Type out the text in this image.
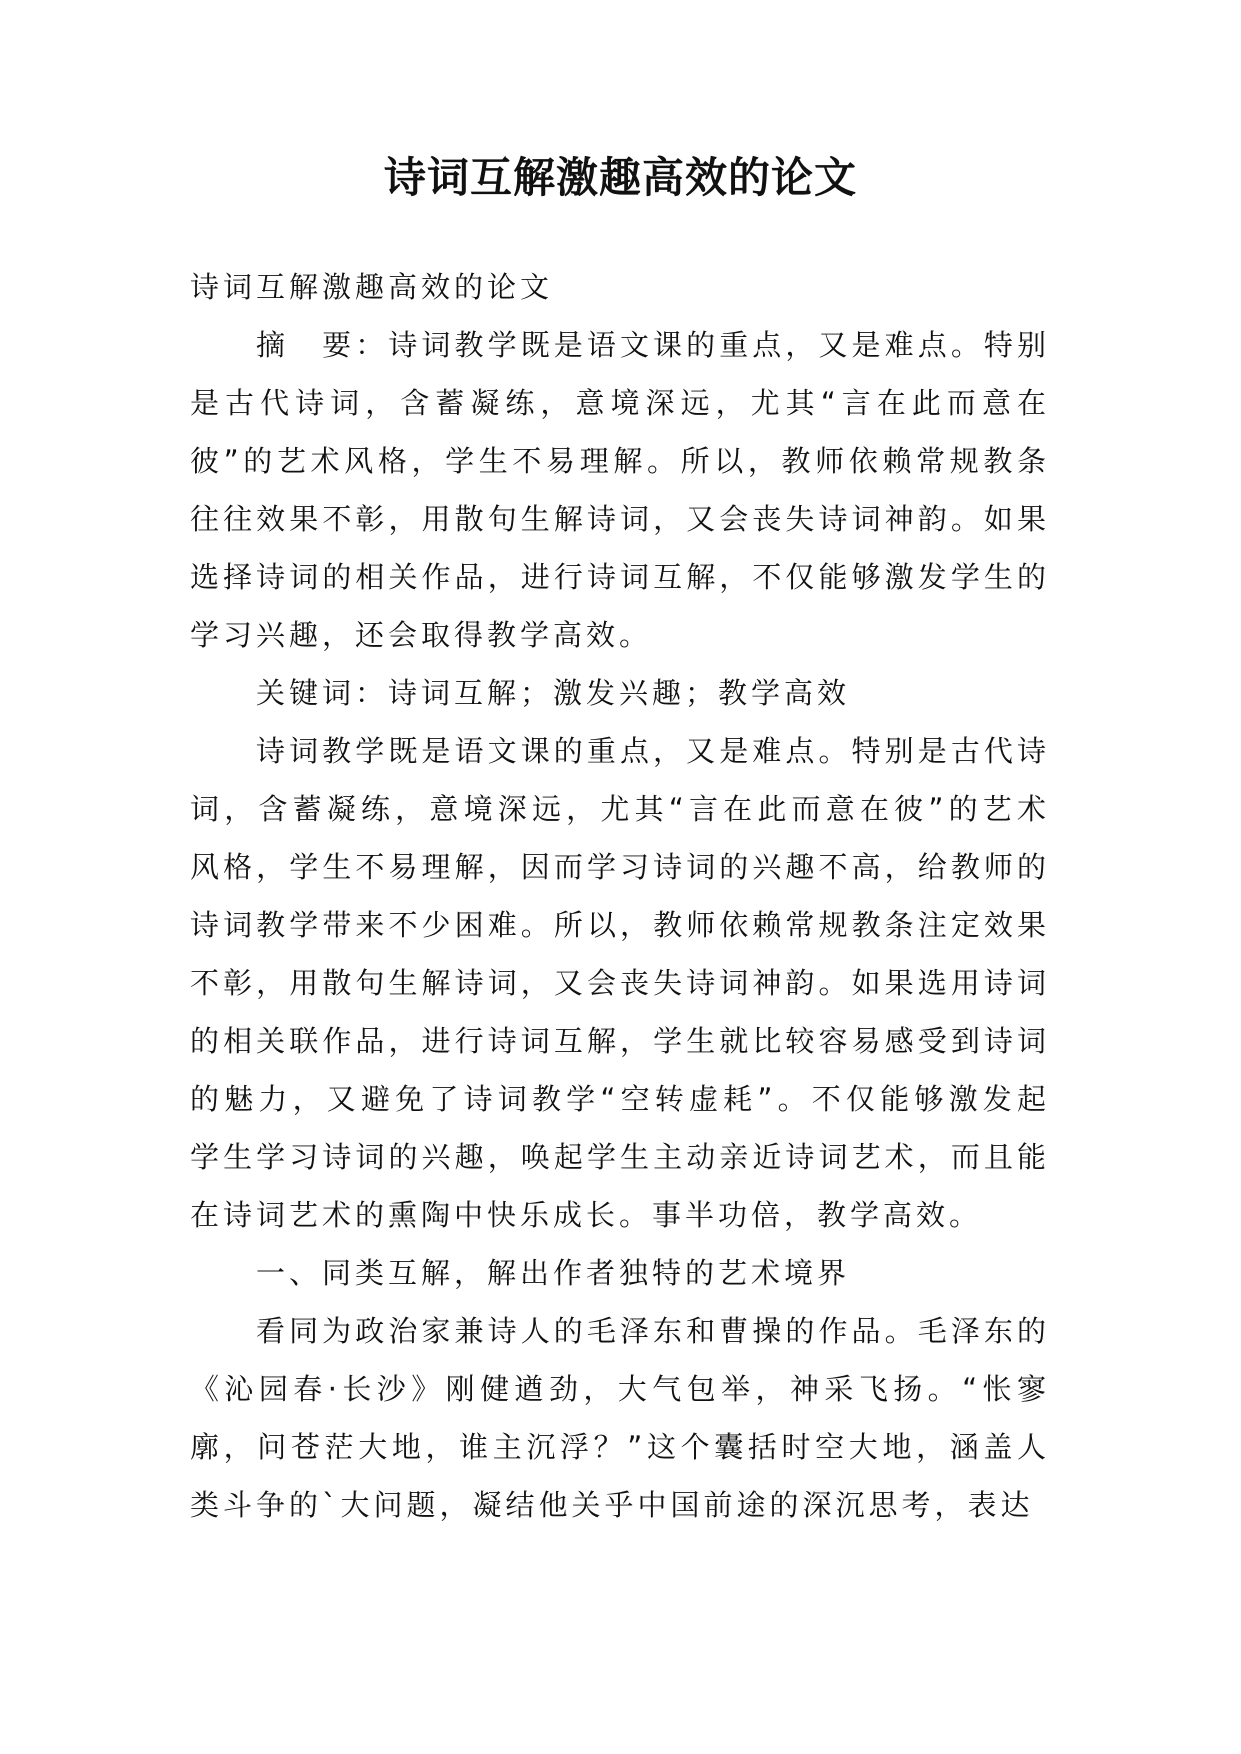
诗词互解激趣高效的论文

诗词互解激趣高效的论文

摘　要：诗词教学既是语文课的重点，又是难点。特别是古代诗词，含蓄凝练，意境深远，尤其“言在此而意在彼”的艺术风格，学生不易理解。所以，教师依赖常规教条往往效果不彰，用散句生解诗词，又会丧失诗词神韵。如果选择诗词的相关作品，进行诗词互解，不仅能够激发学生的学习兴趣，还会取得教学高效。

关键词：诗词互解；激发兴趣；教学高效

诗词教学既是语文课的重点，又是难点。特别是古代诗词，含蓄凝练，意境深远，尤其“言在此而意在彼”的艺术风格，学生不易理解，因而学习诗词的兴趣不高，给教师的诗词教学带来不少困难。所以，教师依赖常规教条注定效果不彰，用散句生解诗词，又会丧失诗词神韵。如果选用诗词的相关联作品，进行诗词互解，学生就比较容易感受到诗词的魅力，又避免了诗词教学“空转虚耗”。不仅能够激发起学生学习诗词的兴趣，唤起学生主动亲近诗词艺术，而且能在诗词艺术的熏陶中快乐成长。事半功倍，教学高效。

一、同类互解，解出作者独特的艺术境界

看同为政治家兼诗人的毛泽东和曹操的作品。毛泽东的《沁园春·长沙》刚健遒劲，大气包举，神采飞扬。“怅寥廓，问苍茫大地，谁主沉浮？”这个囊括时空大地，涵盖人类斗争的`大问题，凝结他关乎中国前途的深沉思考，表达
